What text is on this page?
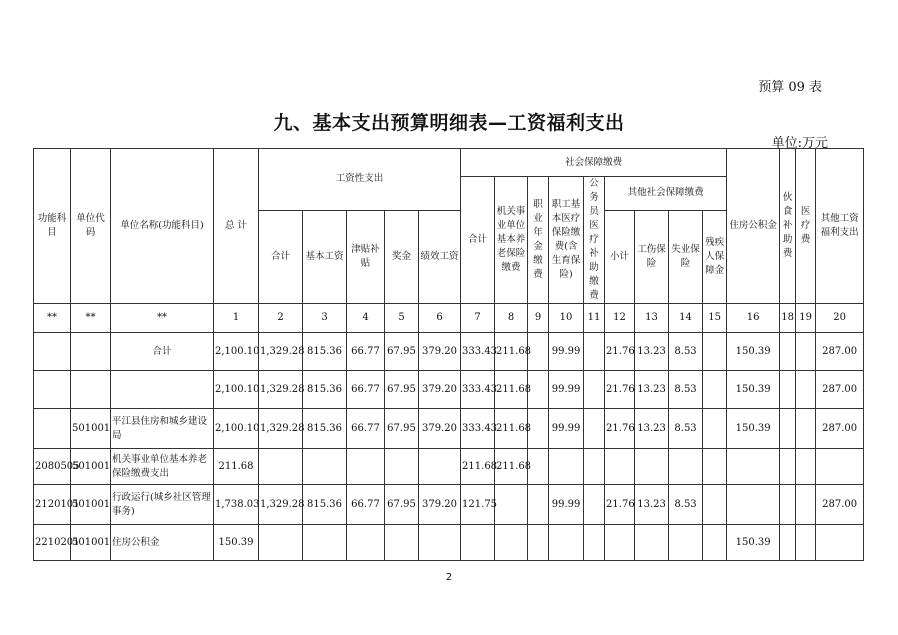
预算 09 表
九、基本支出预算明细表—工资福利支出
单位:万元
功能科目	单位代码	单位名称(功能科目)	总 计	工资性支出					社会保障缴费									住房公积金	伙食补助费	医疗费	其他工资福利支出
									合计	机关事业单位基本养老保险缴费	职业年金缴费	职工基本医疗保险缴费(含生育保险)	公务员医疗补助缴费	其他社会保障缴费							
				合计	基本工资	津贴补贴	奖金	绩效工资						小计	工伤保险	失业保险	残疾人保障金				
**	**	**	1	2	3	4	5	6	7	8	9	10	11	12	13	14	15	16	18	19	20
		合计	2,100.10	1,329.28	815.36	66.77	67.95	379.20	333.43	211.68		99.99		21.76	13.23	8.53		150.39			287.00
			2,100.10	1,329.28	815.36	66.77	67.95	379.20	333.43	211.68		99.99		21.76	13.23	8.53		150.39			287.00
	501001	平江县住房和城乡建设局	2,100.10	1,329.28	815.36	66.77	67.95	379.20	333.43	211.68		99.99		21.76	13.23	8.53		150.39			287.00
2080505	501001	机关事业单位基本养老保险缴费支出	211.68						211.68	211.68											
2120101	501001	行政运行(城乡社区管理事务)	1,738.03	1,329.28	815.36	66.77	67.95	379.20	121.75			99.99		21.76	13.23	8.53					287.00
2210201	501001	住房公积金	150.39															150.39			
2
